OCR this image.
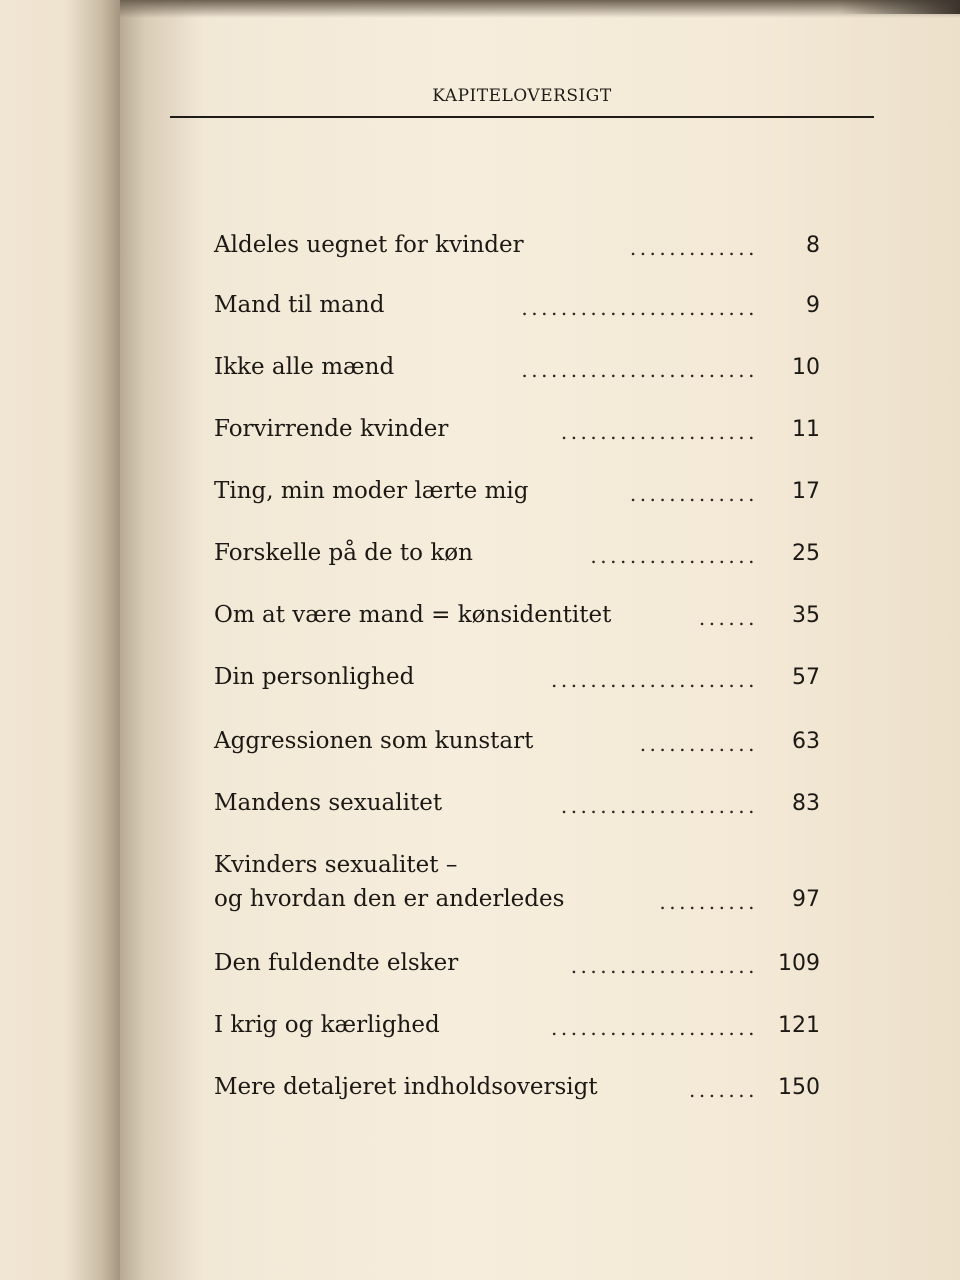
KAPITELOVERSIGT
Aldeles uegnet for kvinder	............. 8
Mand til mand	........................ 9
Ikke alle mænd	........................ 10
Forvirrende kvinder	.................... 11
Ting, min moder lærte mig	............. 17
Forskelle på de to køn	................. 25
Om at være mand = kønsidentitet	...... 35
Din personlighed	..................... 57
Aggressionen som kunstart	............ 63
Mandens sexualitet	.................... 83
Kvinders sexualitet –
og hvordan den er anderledes	.......... 97
Den fuldendte elsker	................... 109
I krig og kærlighed	..................... 121
Mere detaljeret indholdsoversigt	....... 150
